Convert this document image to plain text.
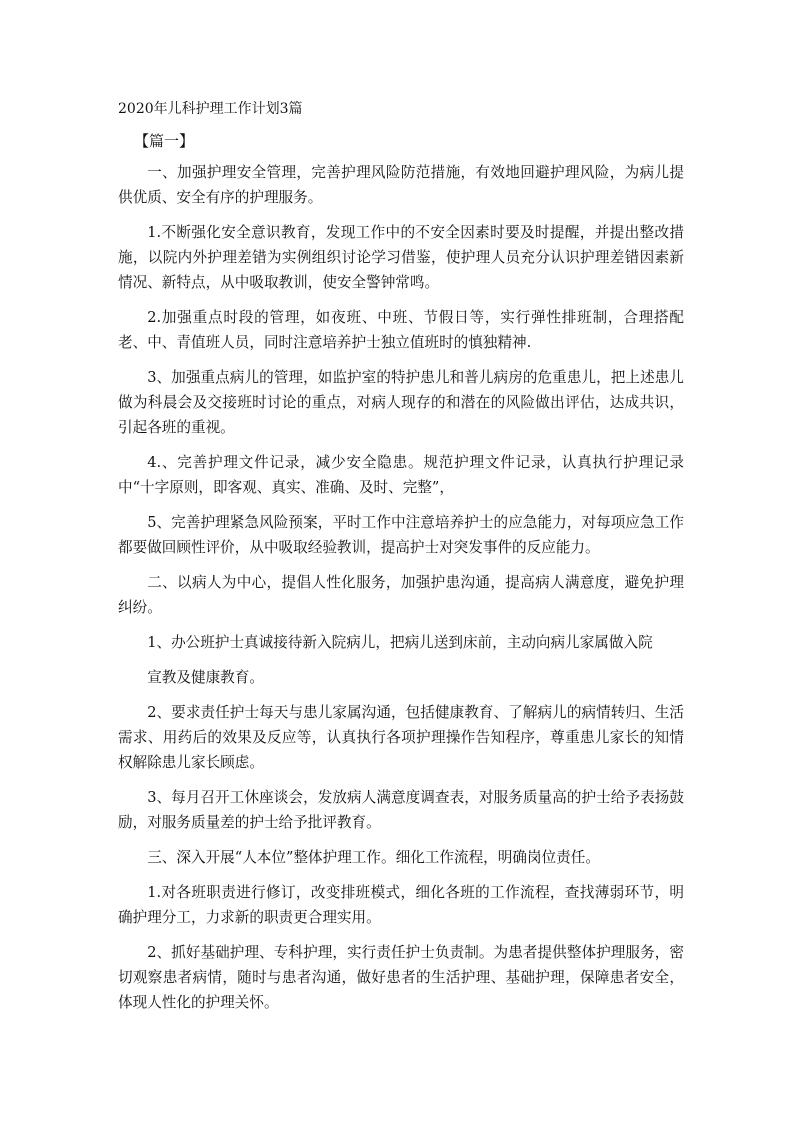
2020年儿科护理工作计划3篇
【篇一】

一、加强护理安全管理，完善护理风险防范措施，有效地回避护理风险，为病儿提供优质、安全有序的护理服务。

1.不断强化安全意识教育，发现工作中的不安全因素时要及时提醒，并提出整改措施，以院内外护理差错为实例组织讨论学习借鉴，使护理人员充分认识护理差错因素新情况、新特点，从中吸取教训，使安全警钟常鸣。

2.加强重点时段的管理，如夜班、中班、节假日等，实行弹性排班制，合理搭配老、中、青值班人员，同时注意培养护士独立值班时的慎独精神.

3、加强重点病儿的管理，如监护室的特护患儿和普儿病房的危重患儿，把上述患儿做为科晨会及交接班时讨论的重点，对病人现存的和潜在的风险做出评估，达成共识，引起各班的重视。

4.、完善护理文件记录，减少安全隐患。规范护理文件记录，认真执行护理记录中“十字原则，即客观、真实、准确、及时、完整”，

5、完善护理紧急风险预案，平时工作中注意培养护士的应急能力，对每项应急工作都要做回顾性评价，从中吸取经验教训，提高护士对突发事件的反应能力。

二、以病人为中心，提倡人性化服务，加强护患沟通，提高病人满意度，避免护理纠纷。

1、办公班护士真诚接待新入院病儿，把病儿送到床前，主动向病儿家属做入院

宣教及健康教育。

2、要求责任护士每天与患儿家属沟通，包括健康教育、了解病儿的病情转归、生活需求、用药后的效果及反应等，认真执行各项护理操作告知程序，尊重患儿家长的知情权解除患儿家长顾虑。

3、每月召开工休座谈会，发放病人满意度调查表，对服务质量高的护士给予表扬鼓励，对服务质量差的护士给予批评教育。

三、深入开展“人本位”整体护理工作。细化工作流程，明确岗位责任。

1.对各班职责进行修订，改变排班模式，细化各班的工作流程，查找薄弱环节，明确护理分工，力求新的职责更合理实用。

2、抓好基础护理、专科护理，实行责任护士负责制。为患者提供整体护理服务，密切观察患者病情，随时与患者沟通，做好患者的生活护理、基础护理，保障患者安全，体现人性化的护理关怀。
